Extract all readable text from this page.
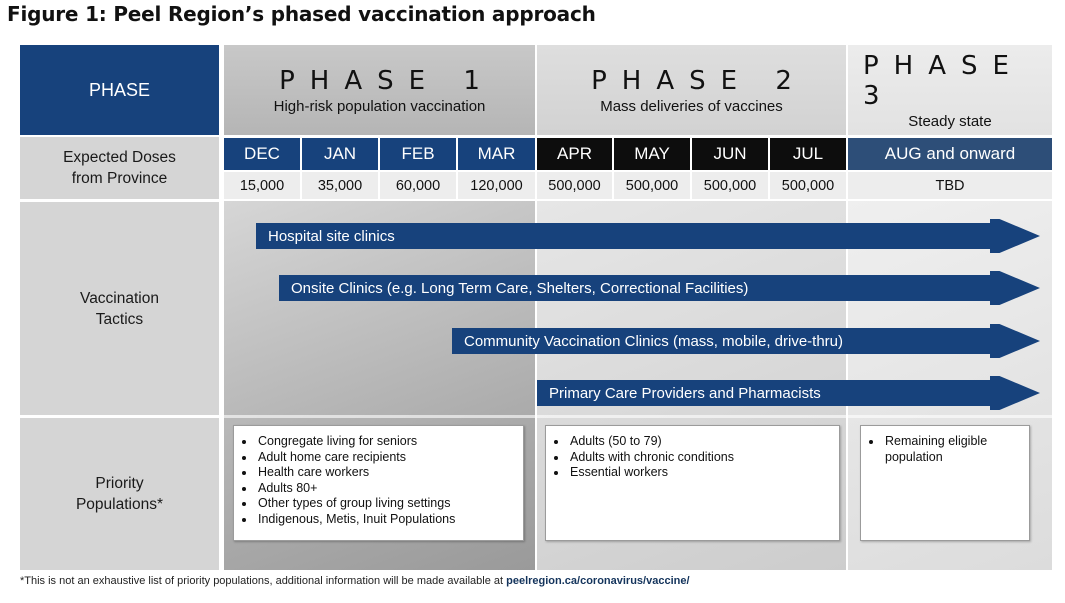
Figure 1: Peel Region’s phased vaccination approach
PHASE
Expected Doses
from Province
Vaccination
Tactics
Priority
Populations*
PHASE 1
High-risk population vaccination
PHASE 2
Mass deliveries of vaccines
PHASE 3
Steady state
DEC	JAN	FEB	MAR	APR	MAY	JUN	JUL	AUG and onward
15,000	35,000	60,000	120,000	500,000	500,000	500,000	500,000	TBD
Hospital site clinics
Onsite Clinics (e.g. Long Term Care, Shelters, Correctional Facilities)
Community Vaccination Clinics (mass, mobile, drive-thru)
Primary Care Providers and Pharmacists
• Congregate living for seniors
• Adult home care recipients
• Health care workers
• Adults 80+
• Other types of group living settings
• Indigenous, Metis, Inuit Populations
• Adults (50 to 79)
• Adults with chronic conditions
• Essential workers
• Remaining eligible population
*This is not an exhaustive list of priority populations, additional information will be made available at peelregion.ca/coronavirus/vaccine/
